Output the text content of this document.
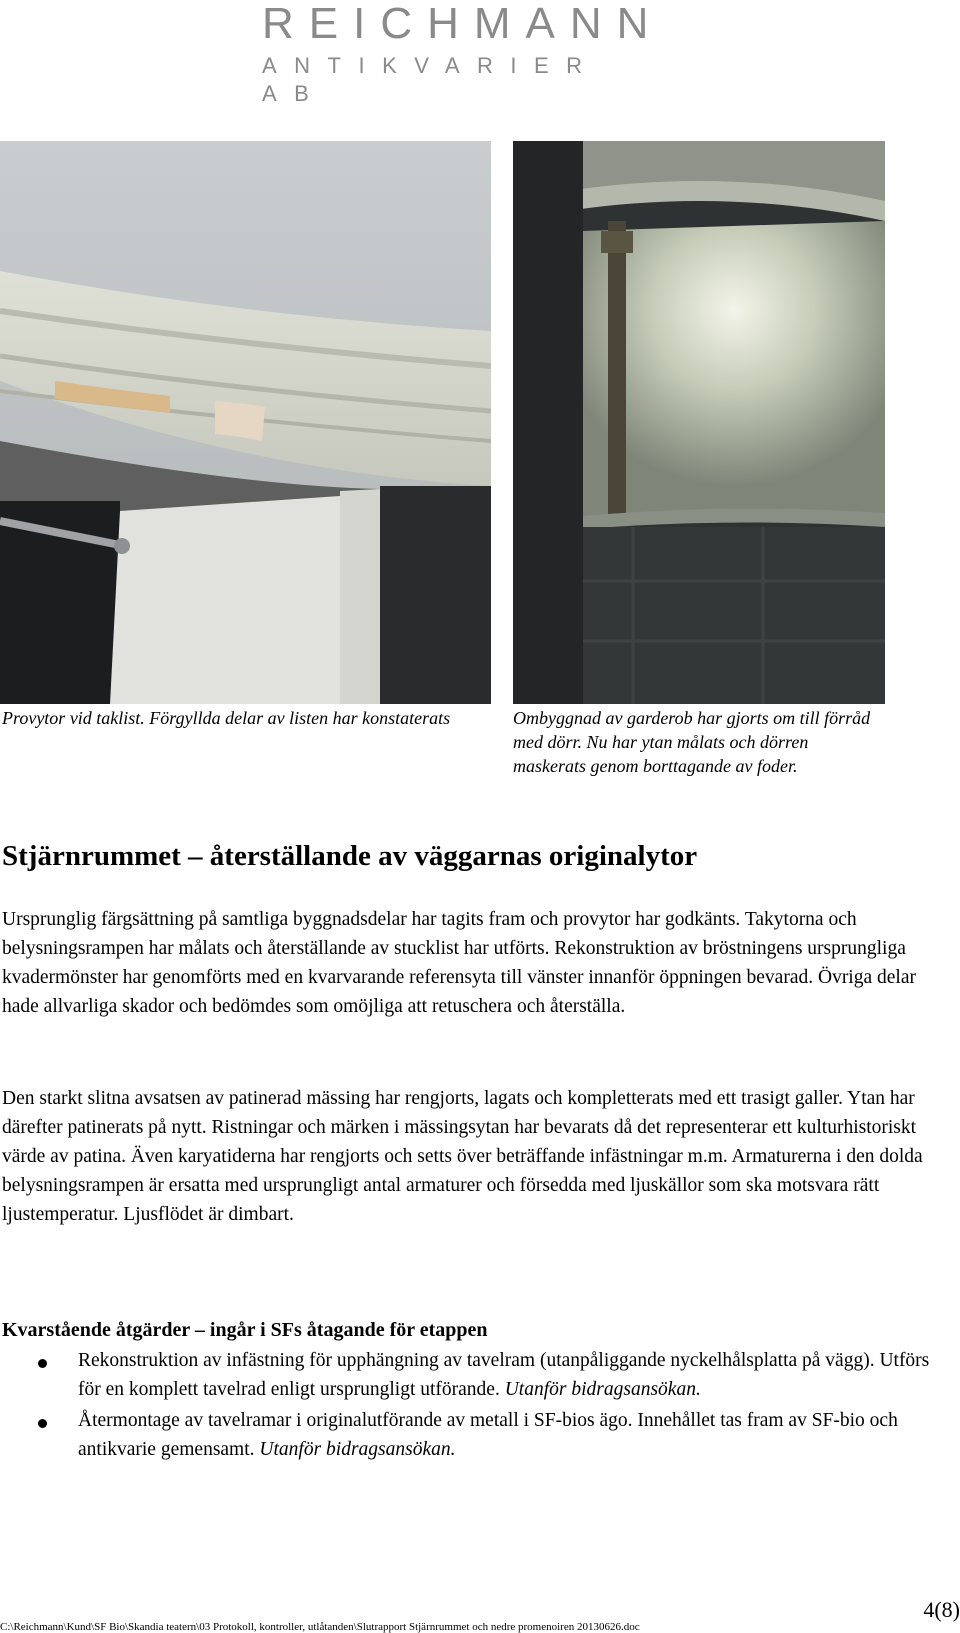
REICHMANN
ANTIKVARIER AB
Provytor vid taklist. Förgyllda delar av listen har konstaterats	Ombyggnad av garderob har gjorts om till förråd med dörr. Nu har ytan målats och dörren maskerats genom borttagande av foder.
Stjärnrummet – återställande av väggarnas originalytor

Ursprunglig färgsättning på samtliga byggnadsdelar har tagits fram och provytor har godkänts. Takytorna och belysningsrampen har målats och återställande av stucklist har utförts. Rekonstruktion av bröstningens ursprungliga kvadermönster har genomförts med en kvarvarande referensyta till vänster innanför öppningen bevarad. Övriga delar hade allvarliga skador och bedömdes som omöjliga att retuschera och återställa.

Den starkt slitna avsatsen av patinerad mässing har rengjorts, lagats och kompletterats med ett trasigt galler. Ytan har därefter patinerats på nytt. Ristningar och märken i mässingsytan har bevarats då det representerar ett kulturhistoriskt värde av patina. Även karyatiderna har rengjorts och setts över beträffande infästningar m.m. Armaturerna i den dolda belysningsrampen är ersatta med ursprungligt antal armaturer och försedda med ljuskällor som ska motsvara rätt ljustemperatur. Ljusflödet är dimbart.

Kvarstående åtgärder – ingår i SFs åtagande för etappen
Rekonstruktion av infästning för upphängning av tavelram (utanpåliggande nyckelhålsplatta på vägg). Utförs för en komplett tavelrad enligt ursprungligt utförande. Utanför bidragsansökan.
Återmontage av tavelramar i originalutförande av metall i SF-bios ägo. Innehållet tas fram av SF-bio och antikvarie gemensamt. Utanför bidragsansökan.
4(8)
C:\Reichmann\Kund\SF Bio\Skandia teatern\03 Protokoll, kontroller, utlåtanden\Slutrapport Stjärnrummet och nedre promenoiren 20130626.doc
